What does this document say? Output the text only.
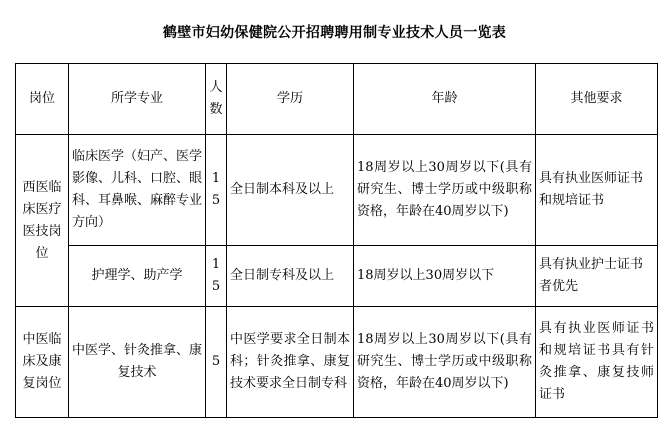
鹤壁市妇幼保健院公开招聘聘用制专业技术人员一览表
岗位	所学专业	人数	学历	年龄	其他要求
西医临床医疗医技岗位	临床医学（妇产、医学影像、儿科、口腔、眼科、耳鼻喉、麻醉专业方向）	15	全日制本科及以上	18周岁以上30周岁以下(具有研究生、博士学历或中级职称资格，年龄在40周岁以下)	具有执业医师证书和规培证书
	护理学、助产学	15	全日制专科及以上	18周岁以上30周岁以下	具有执业护士证书者优先
中医临床及康复岗位	中医学、针灸推拿、康复技术	5	中医学要求全日制本科；针灸推拿、康复技术要求全日制专科	18周岁以上30周岁以下(具有研究生、博士学历或中级职称资格，年龄在40周岁以下)	具有执业医师证书和规培证书具有针灸推拿、康复技师证书
